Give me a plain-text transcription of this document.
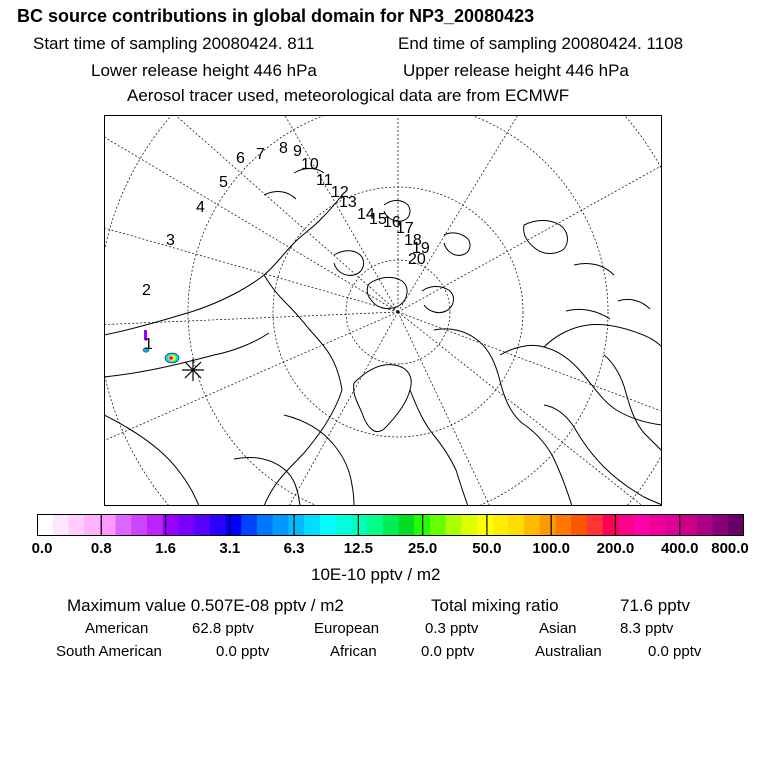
BC source contributions in global domain for NP3_20080423
Start time of sampling 20080424. 811	End time of sampling 20080424. 1108
Lower release height 446 hPa	Upper release height 446 hPa
Aerosol tracer used, meteorological data are from ECMWF
1
2
3
4
5
6 7 8 9
10
11
12
13
14
15
16
17
18
19
20
0.0	0.8	1.6	3.1	6.3	12.5 25.0 50.0 100.0 200.0 400.0 800.0
10E-10 pptv / m2
Maximum value 0.507E-08 pptv / m2	Total mixing ratio	71.6 pptv
American	62.8 pptv	European	0.3 pptv	Asian	8.3 pptv
South American	0.0 pptv	African	0.0 pptv	Australian	0.0 pptv
